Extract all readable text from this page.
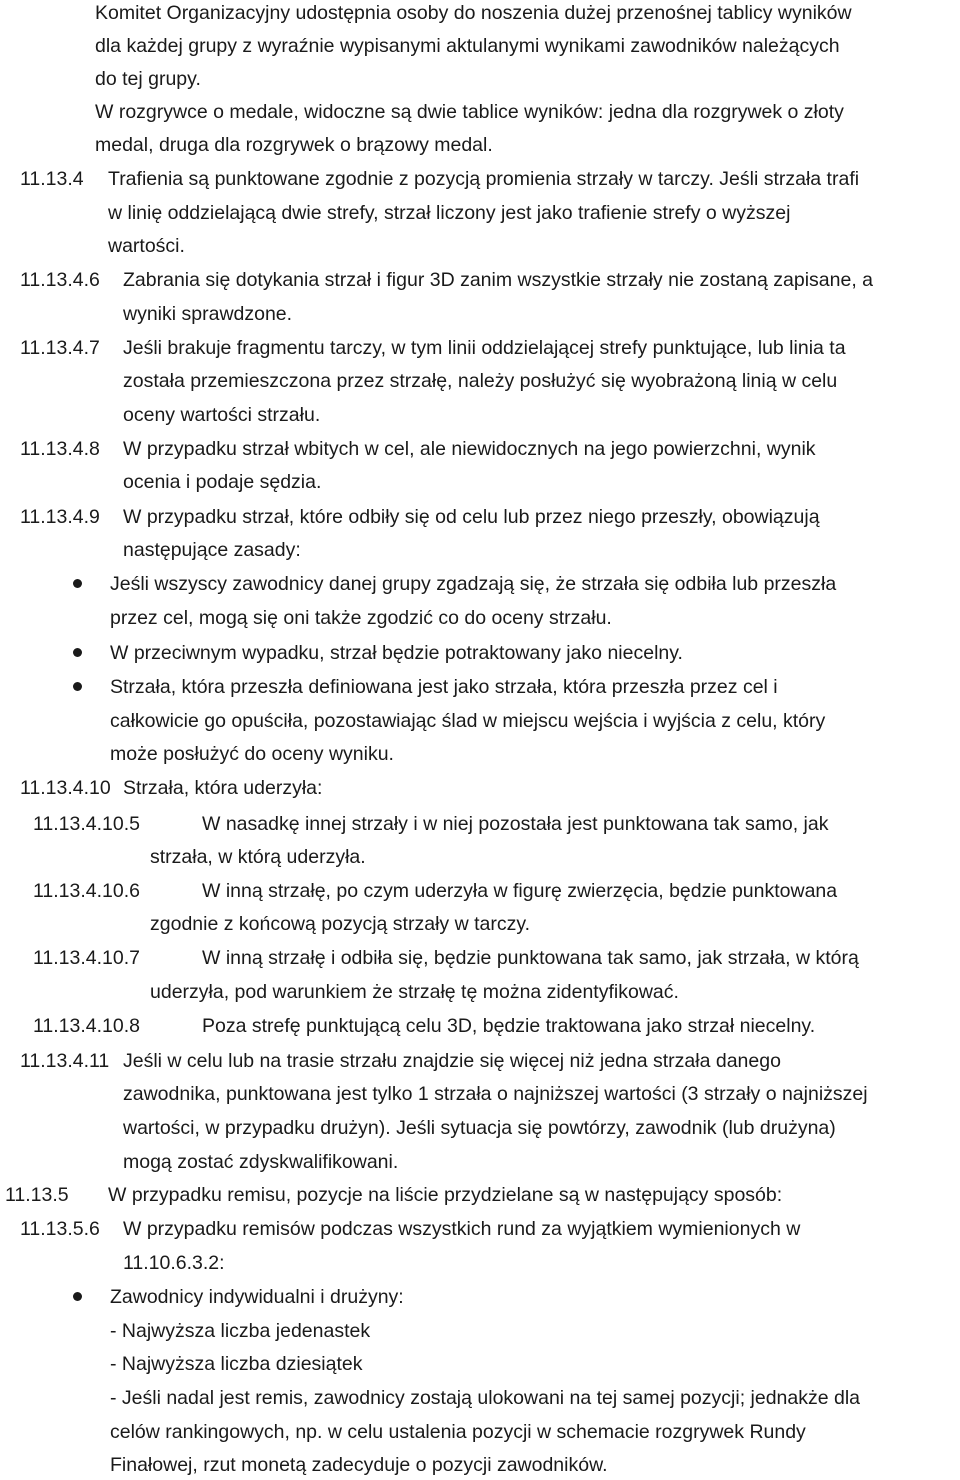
Komitet Organizacyjny udostępnia osoby do noszenia dużej przenośnej tablicy wyników
dla każdej grupy z wyraźnie wypisanymi aktulanymi wynikami zawodników należących
do tej grupy.
W rozgrywce o medale, widoczne są dwie tablice wyników: jedna dla rozgrywek o złoty
medal, druga dla rozgrywek o brązowy medal.
11.13.4 Trafienia są punktowane zgodnie z pozycją promienia strzały w tarczy. Jeśli strzała trafi
w linię oddzielającą dwie strefy, strzał liczony jest jako trafienie strefy o wyższej
wartości.
11.13.4.6 Zabrania się dotykania strzał i figur 3D zanim wszystkie strzały nie zostaną zapisane, a
wyniki sprawdzone.
11.13.4.7 Jeśli brakuje fragmentu tarczy, w tym linii oddzielającej strefy punktujące, lub linia ta
została przemieszczona przez strzałę, należy posłużyć się wyobrażoną linią w celu
oceny wartości strzału.
11.13.4.8 W przypadku strzał wbitych w cel, ale niewidocznych na jego powierzchni, wynik
ocenia i podaje sędzia.
11.13.4.9 W przypadku strzał, które odbiły się od celu lub przez niego przeszły, obowiązują
następujące zasady:
Jeśli wszyscy zawodnicy danej grupy zgadzają się, że strzała się odbiła lub przeszła
przez cel, mogą się oni także zgodzić co do oceny strzału.
W przeciwnym wypadku, strzał będzie potraktowany jako niecelny.
Strzała, która przeszła definiowana jest jako strzała, która przeszła przez cel i
całkowicie go opuściła, pozostawiając ślad w miejscu wejścia i wyjścia z celu, który
może posłużyć do oceny wyniku.
11.13.4.10 Strzała, która uderzyła:
11.13.4.10.5	W nasadkę innej strzały i w niej pozostała jest punktowana tak samo, jak
strzała, w którą uderzyła.
11.13.4.10.6	W inną strzałę, po czym uderzyła w figurę zwierzęcia, będzie punktowana
zgodnie z końcową pozycją strzały w tarczy.
11.13.4.10.7	W inną strzałę i odbiła się, będzie punktowana tak samo, jak strzała, w którą
uderzyła, pod warunkiem że strzałę tę można zidentyfikować.
11.13.4.10.8	Poza strefę punktującą celu 3D, będzie traktowana jako strzał niecelny.
11.13.4.11 Jeśli w celu lub na trasie strzału znajdzie się więcej niż jedna strzała danego
zawodnika, punktowana jest tylko 1 strzała o najniższej wartości (3 strzały o najniższej
wartości, w przypadku drużyn). Jeśli sytuacja się powtórzy, zawodnik (lub drużyna)
mogą zostać zdyskwalifikowani.
11.13.5 W przypadku remisu, pozycje na liście przydzielane są w następujący sposób:
11.13.5.6 W przypadku remisów podczas wszystkich rund za wyjątkiem wymienionych w
11.10.6.3.2:
Zawodnicy indywidualni i drużyny:
- Najwyższa liczba jedenastek
- Najwyższa liczba dziesiątek
- Jeśli nadal jest remis, zawodnicy zostają ulokowani na tej samej pozycji; jednakże dla
celów rankingowych, np. w celu ustalenia pozycji w schemacie rozgrywek Rundy
Finałowej, rzut monetą zadecyduje o pozycji zawodników.
